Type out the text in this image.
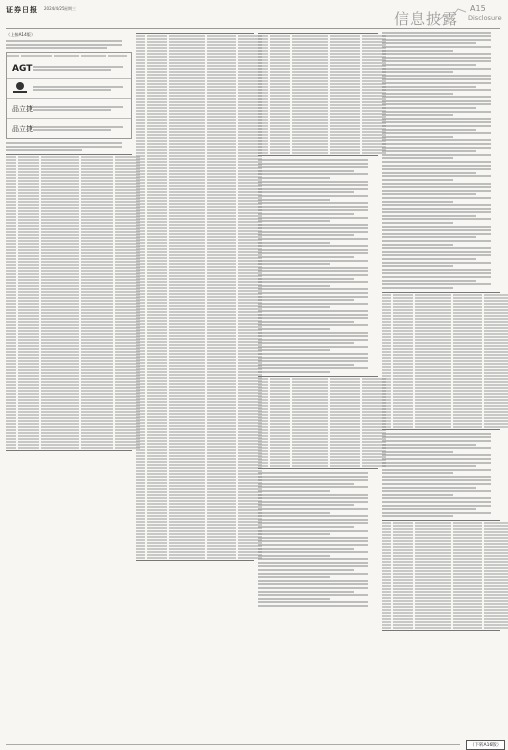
证券日报 2024/4/25 星期三
信息披露
A15
Disclosure
（上接A14版）
AGT
品立捷
品立捷
（下转A16版）
